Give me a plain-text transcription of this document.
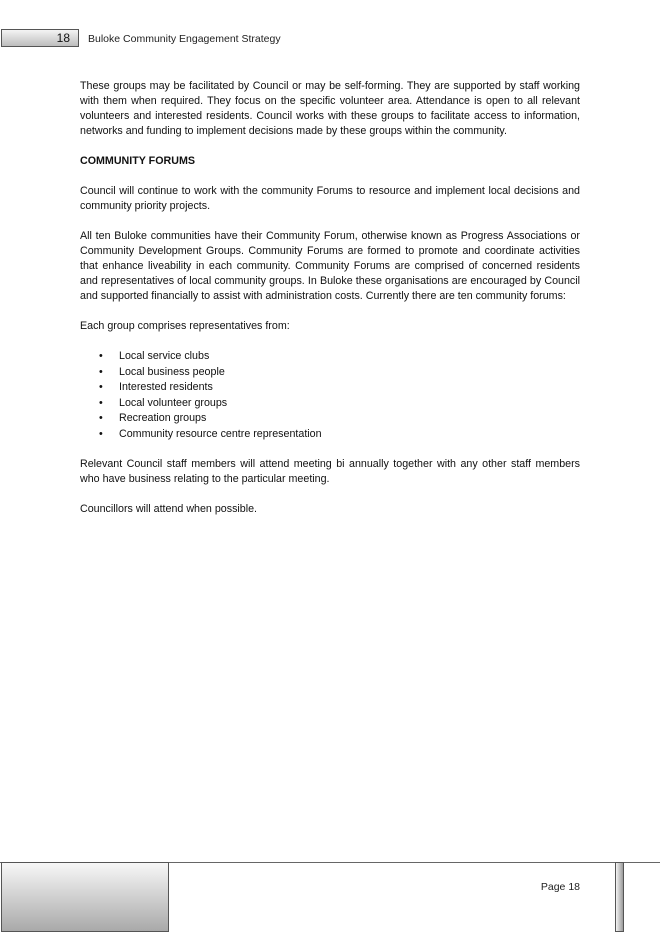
18 Buloke Community Engagement Strategy

These groups may be facilitated by Council or may be self-forming. They are supported by staff working with them when required. They focus on the specific volunteer area. Attendance is open to all relevant volunteers and interested residents. Council works with these groups to facilitate access to information, networks and funding to implement decisions made by these groups within the community.

COMMUNITY FORUMS

Council will continue to work with the community Forums to resource and implement local decisions and community priority projects.

All ten Buloke communities have their Community Forum, otherwise known as Progress Associations or Community Development Groups. Community Forums are formed to promote and coordinate activities that enhance liveability in each community. Community Forums are comprised of concerned residents and representatives of local community groups. In Buloke these organisations are encouraged by Council and supported financially to assist with administration costs. Currently there are ten community forums:

Each group comprises representatives from:

• Local service clubs
• Local business people
• Interested residents
• Local volunteer groups
• Recreation groups
• Community resource centre representation

Relevant Council staff members will attend meeting bi annually together with any other staff members who have business relating to the particular meeting.

Councillors will attend when possible.

Page 18
